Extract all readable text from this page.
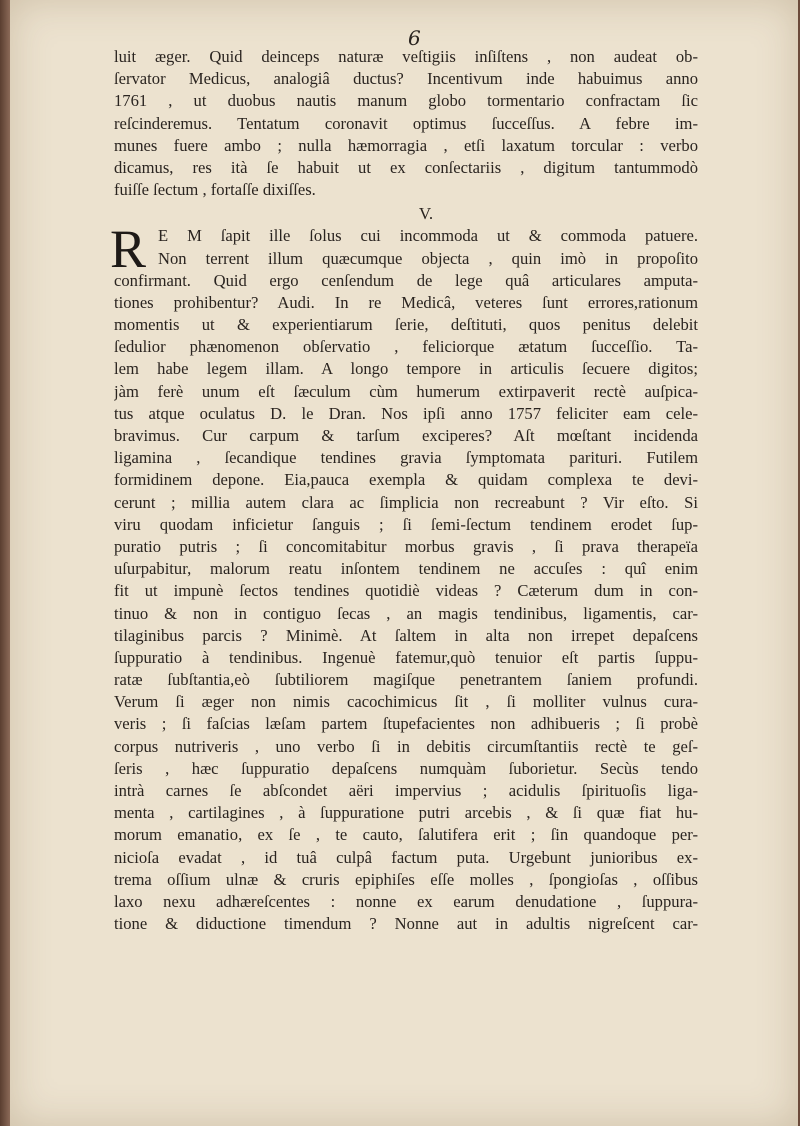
6
luit æger. Quid deinceps naturæ veſtigiis inſiſtens , non audeat ob-
ſervator Medicus, analogiâ ductus? Incentivum inde habuimus anno
1761 , ut duobus nautis manum globo tormentario confractam ſic
reſcinderemus. Tentatum coronavit optimus ſucceſſus. A febre im-
munes fuere ambo ; nulla hæmorragia , etſi laxatum torcular : verbo
dicamus, res ità ſe habuit ut ex conſectariis , digitum tantummodò
fuiſſe ſectum , fortaſſe dixiſſes.
V.
R E M ſapit ille ſolus cui incommoda ut & commoda patuere.
Non terrent illum quæcumque objecta , quin imò in propoſito
confirmant. Quid ergo cenſendum de lege quâ articulares amputa-
tiones prohibentur? Audi. In re Medicâ, veteres ſunt errores,rationum
momentis ut & experientiarum ſerie, deſtituti, quos penitus delebit
ſedulior phænomenon obſervatio , feliciorque ætatum ſucceſſio. Ta-
lem habe legem illam. A longo tempore in articulis ſecuere digitos;
jàm ferè unum eſt ſæculum cùm humerum extirpaverit rectè auſpica-
tus atque oculatus D. le Dran. Nos ipſi anno 1757 feliciter eam cele-
bravimus. Cur carpum & tarſum exciperes? Aſt mœſtant incidenda
ligamina , ſecandique tendines gravia ſymptomata parituri. Futilem
formidinem depone. Eia,pauca exempla & quidam complexa te devi-
cerunt ; millia autem clara ac ſimplicia non recreabunt ? Vir eſto. Si
viru quodam inficietur ſanguis ; ſi ſemi-ſectum tendinem erodet ſup-
puratio putris ; ſi concomitabitur morbus gravis , ſi prava therapeïa
uſurpabitur, malorum reatu inſontem tendinem ne accuſes : quî enim
fit ut impunè ſectos tendines quotidiè videas ? Cæterum dum in con-
tinuo & non in contiguo ſecas , an magis tendinibus, ligamentis, car-
tilaginibus parcis ? Minimè. At ſaltem in alta non irrepet depaſcens
ſuppuratio à tendinibus. Ingenuè fatemur,quò tenuior eſt partis ſuppu-
ratæ ſubſtantia,eò ſubtiliorem magiſque penetrantem ſaniem profundi.
Verum ſi æger non nimis cacochimicus ſit , ſi molliter vulnus cura-
veris ; ſi faſcias læſam partem ſtupefacientes non adhibueris ; ſi probè
corpus nutriveris , uno verbo ſi in debitis circumſtantiis rectè te geſ-
ſeris , hæc ſuppuratio depaſcens numquàm ſuborietur. Secùs tendo
intrà carnes ſe abſcondet aëri impervius ; acidulis ſpirituoſis liga-
menta , cartilagines , à ſuppuratione putri arcebis , & ſi quæ fiat hu-
morum emanatio, ex ſe , te cauto, ſalutifera erit ; ſin quandoque per-
nicioſa evadat , id tuâ culpâ factum puta. Urgebunt junioribus ex-
trema oſſium ulnæ & cruris epiphiſes eſſe molles , ſpongioſas , oſſibus
laxo nexu adhæreſcentes : nonne ex earum denudatione , ſuppura-
tione & diductione timendum ? Nonne aut in adultis nigreſcent car-
